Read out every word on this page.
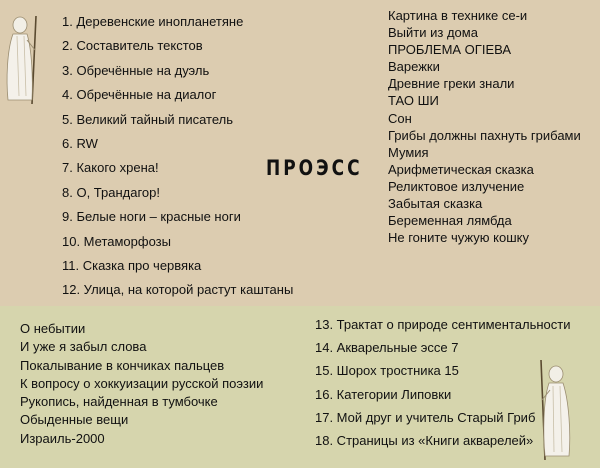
1. Деревенские инопланетяне
2. Составитель текстов
3. Обречённые на дуэль
4. Обречённые на диалог
5. Великий тайный писатель
6. RW
7. Какого хрена!
8. О, Трандагор!
9. Белые ноги – красные ноги
10. Метаморфозы
11. Сказка про червяка
12. Улица, на которой растут каштаны
ПРОЭСС
Картина в технике се-и
Выйти из дома
ПРОБЛЕМА ОГIЕВА
Варежки
Древние греки знали
ТАО ШИ
Сон
Грибы должны пахнуть грибами
Мумия
Арифметическая сказка
Реликтовое излучение
Забытая сказка
Беременная лямбда
Не гоните чужую кошку
О небытии
И уже я забыл слова
Покалывание в кончиках пальцев
К вопросу о хоккуизации русской поэзии
Рукопись, найденная в тумбочке
Обыденные вещи
Израиль-2000
13. Трактат о природе сентиментальности
14. Акварельные эссе 7
15. Шорох тростника 15
16. Категории Липовки
17. Мой друг и учитель Старый Гриб
18. Страницы из «Книги акварелей»
